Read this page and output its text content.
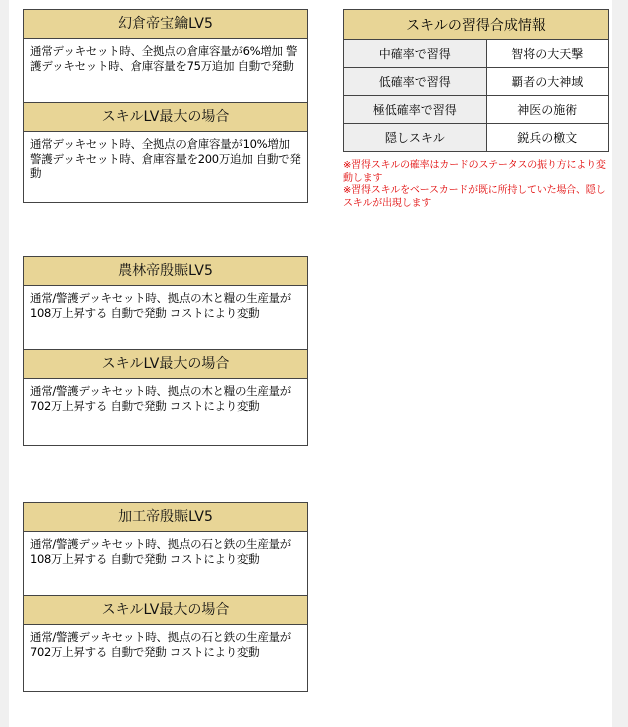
幻倉帝宝鑰LV5
通常デッキセット時、全拠点の倉庫容量が6%増加 警護デッキセット時、倉庫容量を75万追加 自動で発動
スキルLV最大の場合
通常デッキセット時、全拠点の倉庫容量が10%増加 警護デッキセット時、倉庫容量を200万追加 自動で発動
農林帝殷賑LV5
通常/警護デッキセット時、拠点の木と糧の生産量が108万上昇する 自動で発動 コストにより変動
スキルLV最大の場合
通常/警護デッキセット時、拠点の木と糧の生産量が702万上昇する 自動で発動 コストにより変動
加工帝殷賑LV5
通常/警護デッキセット時、拠点の石と鉄の生産量が108万上昇する 自動で発動 コストにより変動
スキルLV最大の場合
通常/警護デッキセット時、拠点の石と鉄の生産量が702万上昇する 自動で発動 コストにより変動
スキルの習得合成情報	
中確率で習得	智将の大天撃
低確率で習得	覇者の大神域
極低確率で習得	神医の施術
隠しスキル	鋭兵の檄文
※習得スキルの確率はカードのステータスの振り方により変動します
※習得スキルをベースカードが既に所持していた場合、隠しスキルが出現します
